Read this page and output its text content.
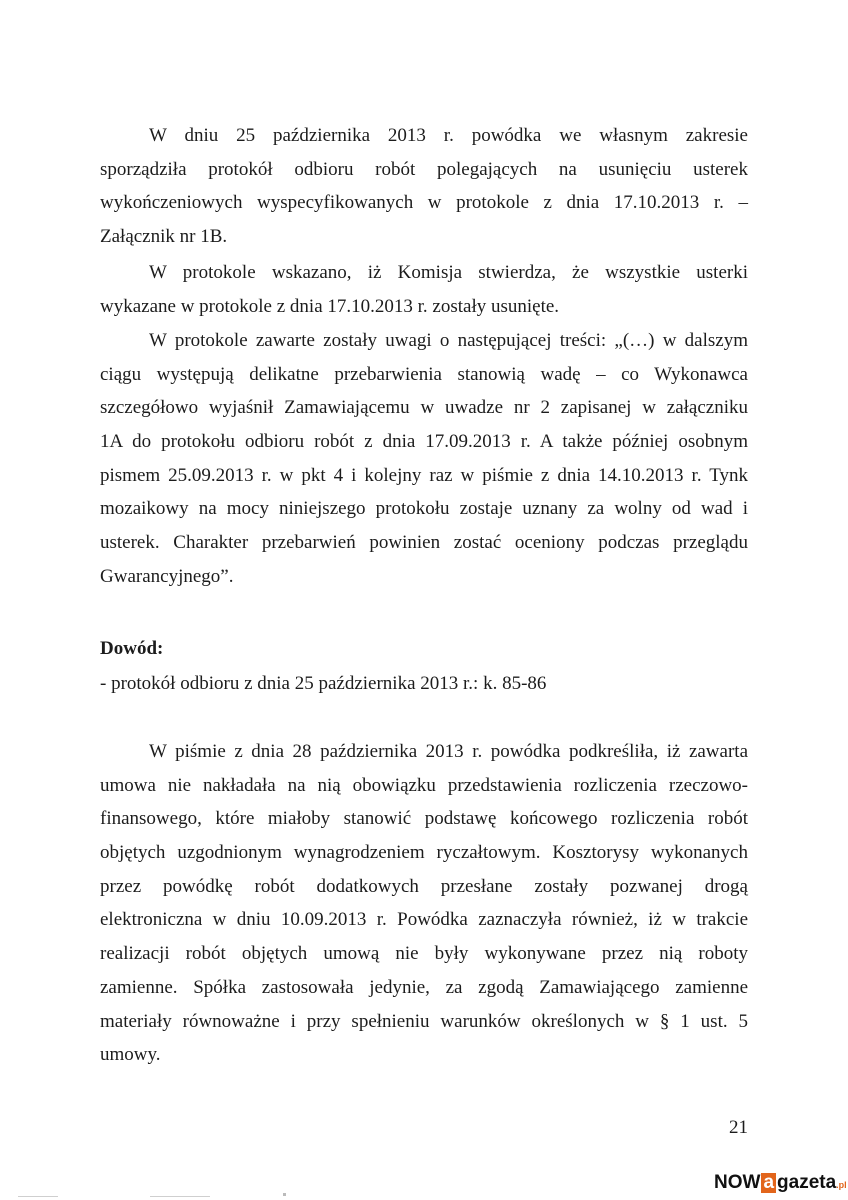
W dniu 25 października 2013 r. powódka we własnym zakresie
sporządziła protokół odbioru robót polegających na usunięciu usterek
wykończeniowych wyspecyfikowanych w protokole z dnia 17.10.2013 r. –
Załącznik nr 1B.
W protokole wskazano, iż Komisja stwierdza, że wszystkie usterki
wykazane w protokole z dnia 17.10.2013 r. zostały usunięte.
W protokole zawarte zostały uwagi o następującej treści: „(…) w dalszym
ciągu występują delikatne przebarwienia stanowią wadę – co Wykonawca
szczegółowo wyjaśnił Zamawiającemu w uwadze nr 2 zapisanej w załączniku
1A do protokołu odbioru robót z dnia 17.09.2013 r. A także później osobnym
pismem 25.09.2013 r. w pkt 4 i kolejny raz w piśmie z dnia 14.10.2013 r. Tynk
mozaikowy na mocy niniejszego protokołu zostaje uznany za wolny od wad i
usterek. Charakter przebarwień powinien zostać oceniony podczas przeglądu
Gwarancyjnego”.
Dowód:
- protokół odbioru z dnia 25 października 2013 r.: k. 85-86
W piśmie z dnia 28 października 2013 r. powódka podkreśliła, iż zawarta
umowa nie nakładała na nią obowiązku przedstawienia rozliczenia rzeczowo-
finansowego, które miałoby stanowić podstawę końcowego rozliczenia robót
objętych uzgodnionym wynagrodzeniem ryczałtowym. Kosztorysy wykonanych
przez powódkę robót dodatkowych przesłane zostały pozwanej drogą
elektroniczna w dniu 10.09.2013 r. Powódka zaznaczyła również, iż w trakcie
realizacji robót objętych umową nie były wykonywane przez nią roboty
zamienne. Spółka zastosowała jedynie, za zgodą Zamawiającego zamienne
materiały równoważne i przy spełnieniu warunków określonych w § 1 ust. 5
umowy.
21
NOW a gazeta.pl
